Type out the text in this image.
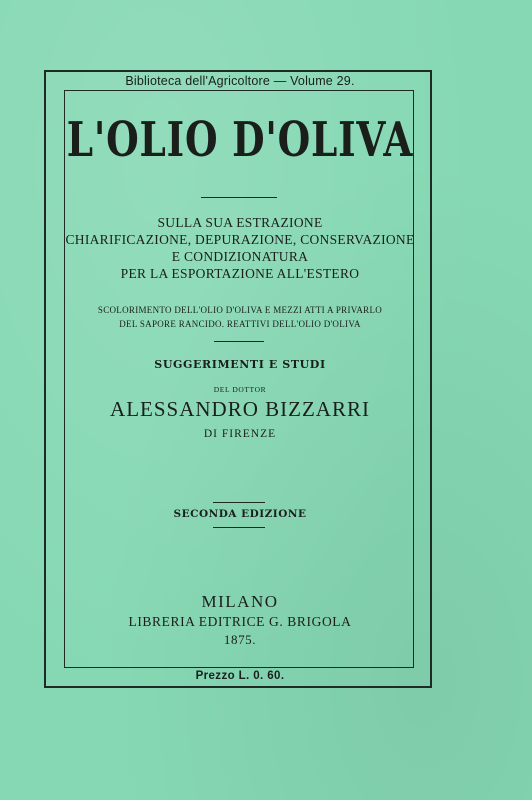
Biblioteca dell'Agricoltore — Volume 29.
L'OLIO D'OLIVA
SULLA SUA ESTRAZIONE
CHIARIFICAZIONE, DEPURAZIONE, CONSERVAZIONE
E CONDIZIONATURA
PER LA ESPORTAZIONE ALL'ESTERO
SCOLORIMENTO DELL'OLIO D'OLIVA E MEZZI ATTI A PRIVARLO
DEL SAPORE RANCIDO. REATTIVI DELL'OLIO D'OLIVA
SUGGERIMENTI E STUDI
DEL DOTTOR
ALESSANDRO BIZZARRI
DI FIRENZE
SECONDA EDIZIONE
MILANO
LIBRERIA EDITRICE G. BRIGOLA
1875.
Prezzo L. 0. 60.
